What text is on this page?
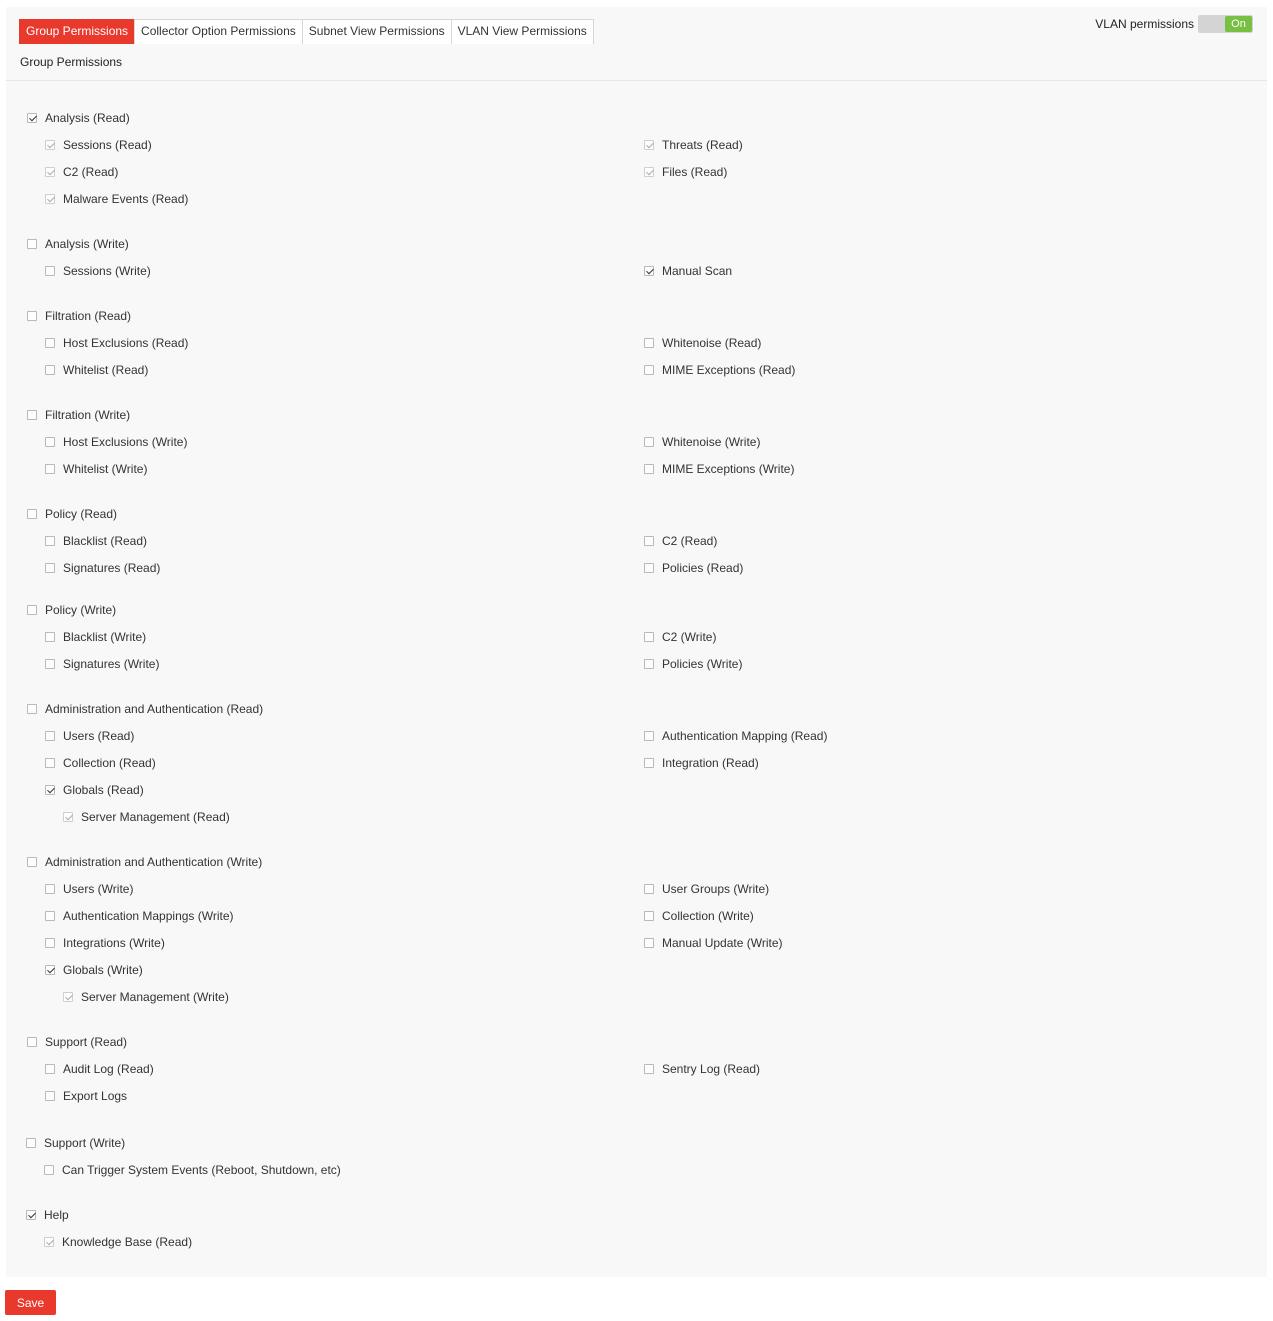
Group Permissions	Collector Option Permissions	Subnet View Permissions	VLAN View Permissions	VLAN permissions	On
Group Permissions
Analysis (Read)
Sessions (Read)	Threats (Read)
C2 (Read)	Files (Read)
Malware Events (Read)
Analysis (Write)
Sessions (Write)	Manual Scan
Filtration (Read)
Host Exclusions (Read)	Whitenoise (Read)
Whitelist (Read)	MIME Exceptions (Read)
Filtration (Write)
Host Exclusions (Write)	Whitenoise (Write)
Whitelist (Write)	MIME Exceptions (Write)
Policy (Read)
Blacklist (Read)	C2 (Read)
Signatures (Read)	Policies (Read)
Policy (Write)
Blacklist (Write)	C2 (Write)
Signatures (Write)	Policies (Write)
Administration and Authentication (Read)
Users (Read)	Authentication Mapping (Read)
Collection (Read)	Integration (Read)
Globals (Read)
Server Management (Read)
Administration and Authentication (Write)
Users (Write)	User Groups (Write)
Authentication Mappings (Write)	Collection (Write)
Integrations (Write)	Manual Update (Write)
Globals (Write)
Server Management (Write)
Support (Read)
Audit Log (Read)	Sentry Log (Read)
Export Logs
Support (Write)
Can Trigger System Events (Reboot, Shutdown, etc)
Help
Knowledge Base (Read)
Save
